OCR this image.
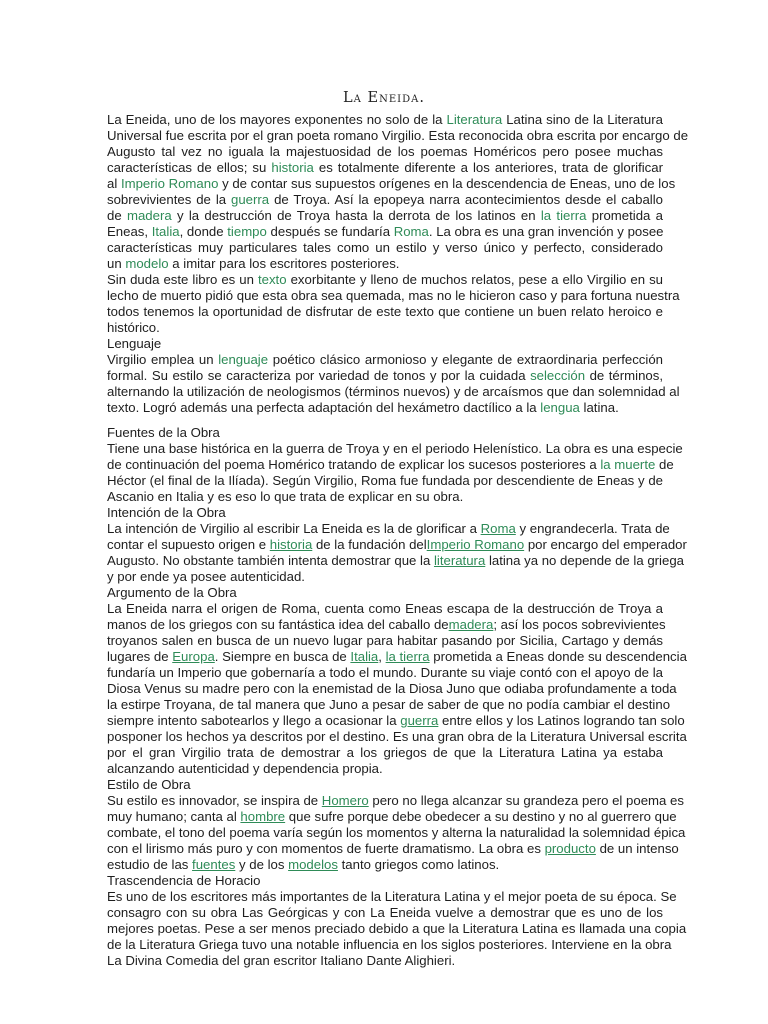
La Eneida.
La Eneida, uno de los mayores exponentes no solo de la Literatura Latina sino de la Literatura
Universal fue escrita por el gran poeta romano Virgilio. Esta reconocida obra escrita por encargo de
Augusto tal vez no iguala la majestuosidad de los poemas Homéricos pero posee muchas
características de ellos; su historia es totalmente diferente a los anteriores, trata de glorificar
al Imperio Romano y de contar sus supuestos orígenes en la descendencia de Eneas, uno de los
sobrevivientes de la guerra de Troya. Así la epopeya narra acontecimientos desde el caballo
de madera y la destrucción de Troya hasta la derrota de los latinos en la tierra prometida a
Eneas, Italia, donde tiempo después se fundaría Roma. La obra es una gran invención y posee
características muy particulares tales como un estilo y verso único y perfecto, considerado
un modelo a imitar para los escritores posteriores.
Sin duda este libro es un texto exorbitante y lleno de muchos relatos, pese a ello Virgilio en su
lecho de muerto pidió que esta obra sea quemada, mas no le hicieron caso y para fortuna nuestra
todos tenemos la oportunidad de disfrutar de este texto que contiene un buen relato heroico e
histórico.
Lenguaje
Virgilio emplea un lenguaje poético clásico armonioso y elegante de extraordinaria perfección
formal. Su estilo se caracteriza por variedad de tonos y por la cuidada selección de términos,
alternando la utilización de neologismos (términos nuevos) y de arcaísmos que dan solemnidad al
texto. Logró además una perfecta adaptación del hexámetro dactílico a la lengua latina.
Fuentes de la Obra
Tiene una base histórica en la guerra de Troya y en el periodo Helenístico. La obra es una especie
de continuación del poema Homérico tratando de explicar los sucesos posteriores a la muerte de
Héctor (el final de la Ilíada). Según Virgilio, Roma fue fundada por descendiente de Eneas y de
Ascanio en Italia y es eso lo que trata de explicar en su obra.
Intención de la Obra
La intención de Virgilio al escribir La Eneida es la de glorificar a Roma y engrandecerla. Trata de
contar el supuesto origen e historia de la fundación delImperio Romano por encargo del emperador
Augusto. No obstante también intenta demostrar que la literatura latina ya no depende de la griega
y por ende ya posee autenticidad.
Argumento de la Obra
La Eneida narra el origen de Roma, cuenta como Eneas escapa de la destrucción de Troya a
manos de los griegos con su fantástica idea del caballo demadera; así los pocos sobrevivientes
troyanos salen en busca de un nuevo lugar para habitar pasando por Sicilia, Cartago y demás
lugares de Europa. Siempre en busca de Italia, la tierra prometida a Eneas donde su descendencia
fundaría un Imperio que gobernaría a todo el mundo. Durante su viaje contó con el apoyo de la
Diosa Venus su madre pero con la enemistad de la Diosa Juno que odiaba profundamente a toda
la estirpe Troyana, de tal manera que Juno a pesar de saber de que no podía cambiar el destino
siempre intento sabotearlos y llego a ocasionar la guerra entre ellos y los Latinos logrando tan solo
posponer los hechos ya descritos por el destino. Es una gran obra de la Literatura Universal escrita
por el gran Virgilio trata de demostrar a los griegos de que la Literatura Latina ya estaba
alcanzando autenticidad y dependencia propia.
Estilo de Obra
Su estilo es innovador, se inspira de Homero pero no llega alcanzar su grandeza pero el poema es
muy humano; canta al hombre que sufre porque debe obedecer a su destino y no al guerrero que
combate, el tono del poema varía según los momentos y alterna la naturalidad la solemnidad épica
con el lirismo más puro y con momentos de fuerte dramatismo. La obra es producto de un intenso
estudio de las fuentes y de los modelos tanto griegos como latinos.
Trascendencia de Horacio
Es uno de los escritores más importantes de la Literatura Latina y el mejor poeta de su época. Se
consagro con su obra Las Geórgicas y con La Eneida vuelve a demostrar que es uno de los
mejores poetas. Pese a ser menos preciado debido a que la Literatura Latina es llamada una copia
de la Literatura Griega tuvo una notable influencia en los siglos posteriores. Interviene en la obra
La Divina Comedia del gran escritor Italiano Dante Alighieri.
